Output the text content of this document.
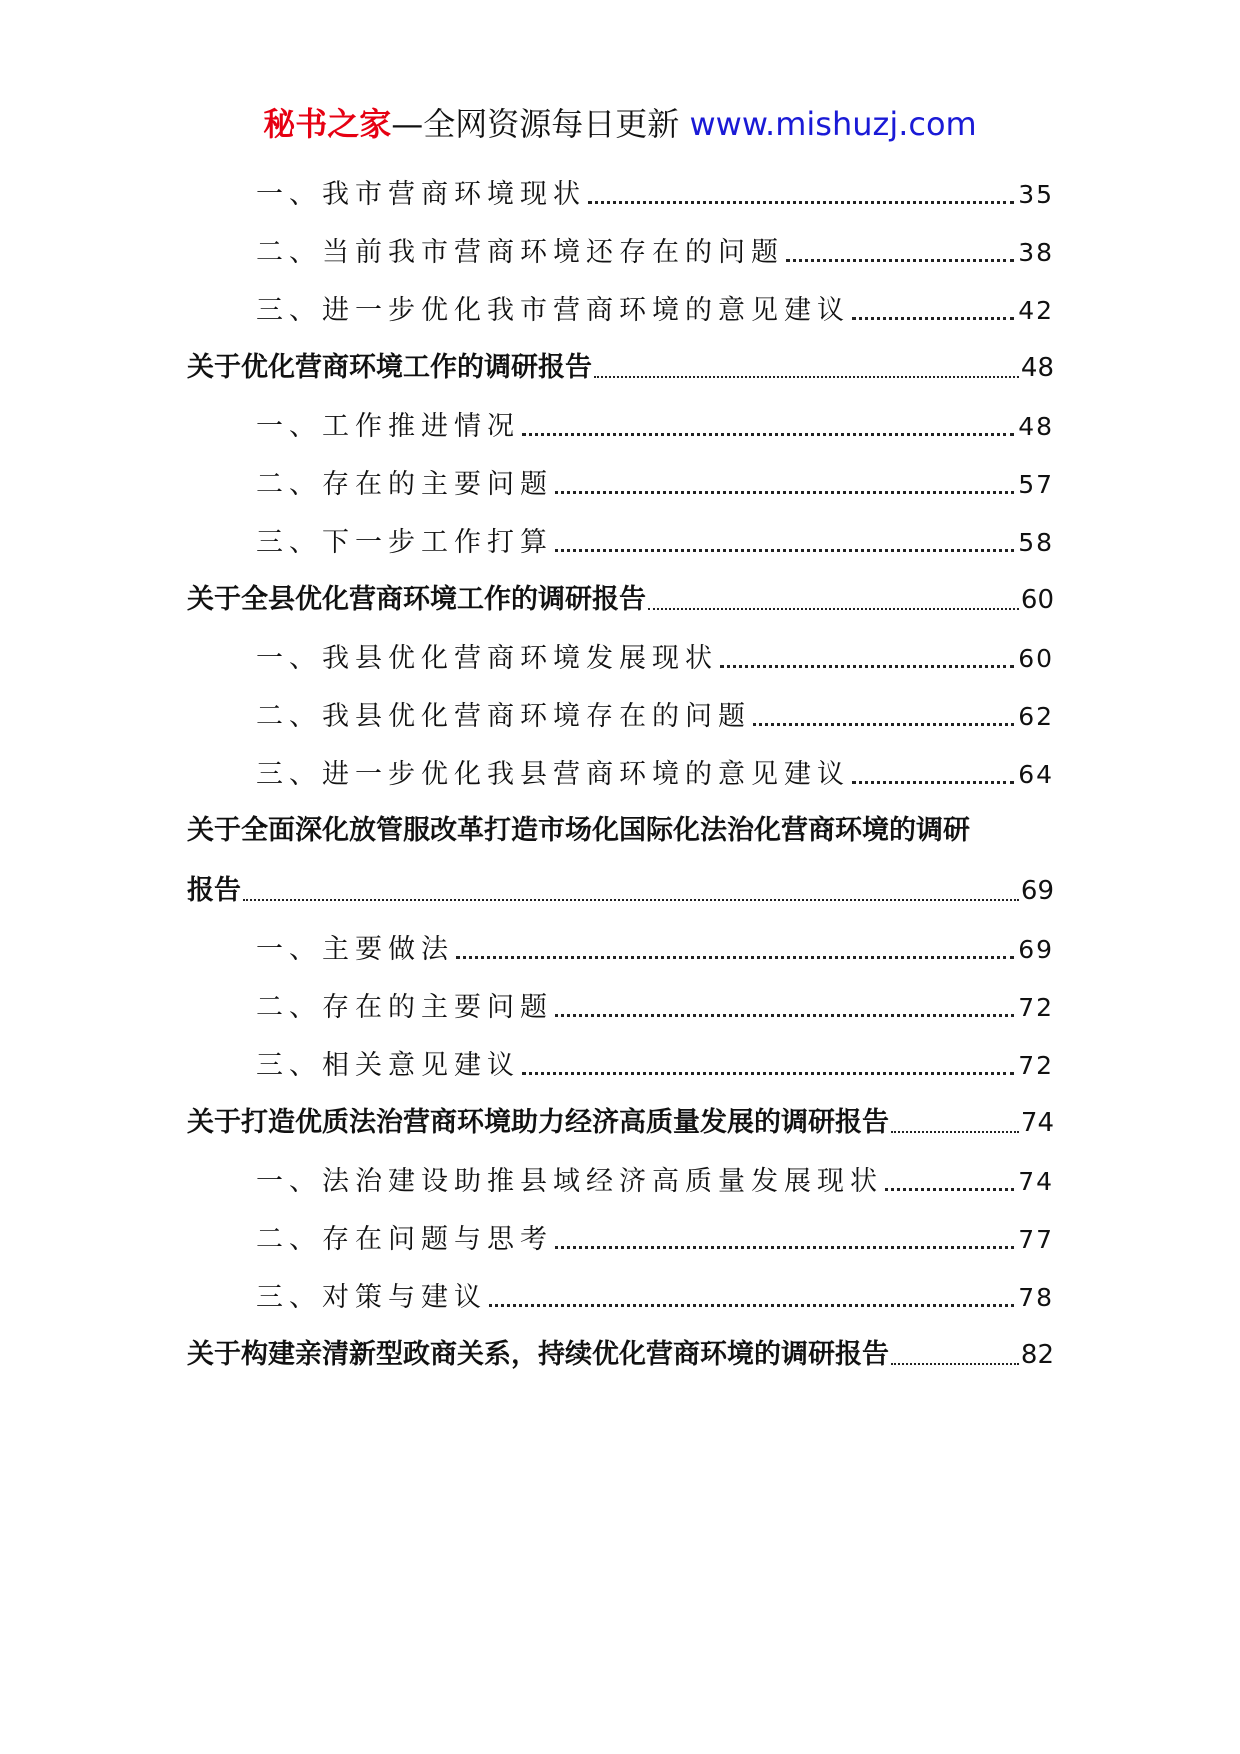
秘书之家—全网资源每日更新 www.mishuzj.com
一、我市营商环境现状	35
二、当前我市营商环境还存在的问题	38
三、进一步优化我市营商环境的意见建议	42
关于优化营商环境工作的调研报告	48
一、工作推进情况	48
二、存在的主要问题	57
三、下一步工作打算	58
关于全县优化营商环境工作的调研报告	60
一、我县优化营商环境发展现状	60
二、我县优化营商环境存在的问题	62
三、进一步优化我县营商环境的意见建议	64
关于全面深化放管服改革打造市场化国际化法治化营商环境的调研
报告	69
一、主要做法	69
二、存在的主要问题	72
三、相关意见建议	72
关于打造优质法治营商环境助力经济高质量发展的调研报告	74
一、法治建设助推县域经济高质量发展现状	74
二、存在问题与思考	77
三、对策与建议	78
关于构建亲清新型政商关系，持续优化营商环境的调研报告	82
